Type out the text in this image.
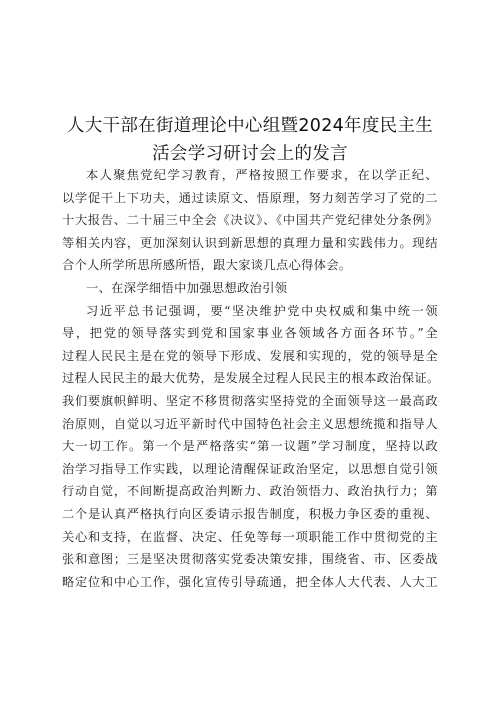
人大干部在街道理论中心组暨2024年度民主生
活会学习研讨会上的发言
本人聚焦党纪学习教育，严格按照工作要求，在以学正纪、
以学促干上下功夫，通过读原文、悟原理，努力刻苦学习了党的二
十大报告、二十届三中全会《决议》、《中国共产党纪律处分条例》
等相关内容，更加深刻认识到新思想的真理力量和实践伟力。现结
合个人所学所思所感所悟，跟大家谈几点心得体会。
一、在深学细悟中加强思想政治引领
习近平总书记强调，要“坚决维护党中央权威和集中统一领
导，把党的领导落实到党和国家事业各领域各方面各环节。”全
过程人民民主是在党的领导下形成、发展和实现的，党的领导是全
过程人民民主的最大优势，是发展全过程人民民主的根本政治保证。
我们要旗帜鲜明、坚定不移贯彻落实坚持党的全面领导这一最高政
治原则，自觉以习近平新时代中国特色社会主义思想统揽和指导人
大一切工作。第一个是严格落实“第一议题”学习制度，坚持以政
治学习指导工作实践，以理论清醒保证政治坚定，以思想自觉引领
行动自觉，不间断提高政治判断力、政治领悟力、政治执行力；第
二个是认真严格执行向区委请示报告制度，积极力争区委的重视、
关心和支持，在监督、决定、任免等每一项职能工作中贯彻党的主
张和意图；三是坚决贯彻落实党委决策安排，围绕省、市、区委战
略定位和中心工作，强化宣传引导疏通，把全体人大代表、人大工
